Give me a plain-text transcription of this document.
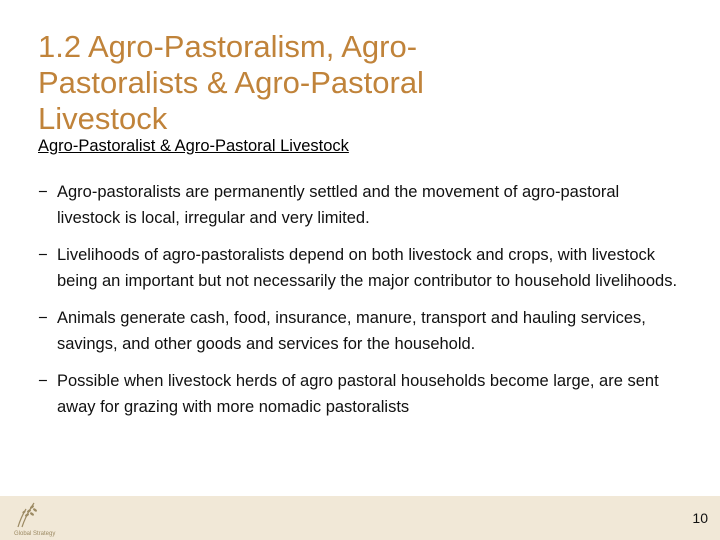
1.2 Agro-Pastoralism, Agro-
Pastoralists & Agro-Pastoral
Livestock
Agro-Pastoralist & Agro-Pastoral Livestock
− Agro-pastoralists are permanently settled and the movement of agro-pastoral livestock is local, irregular and very limited.
− Livelihoods of agro-pastoralists depend on both livestock and crops, with livestock being an important but not necessarily the major contributor to household livelihoods.
− Animals generate cash, food, insurance, manure, transport and hauling services, savings, and other goods and services for the household.
− Possible when livestock herds of agro pastoral households become large, are sent away for grazing with more nomadic pastoralists
Global Strategy
10
